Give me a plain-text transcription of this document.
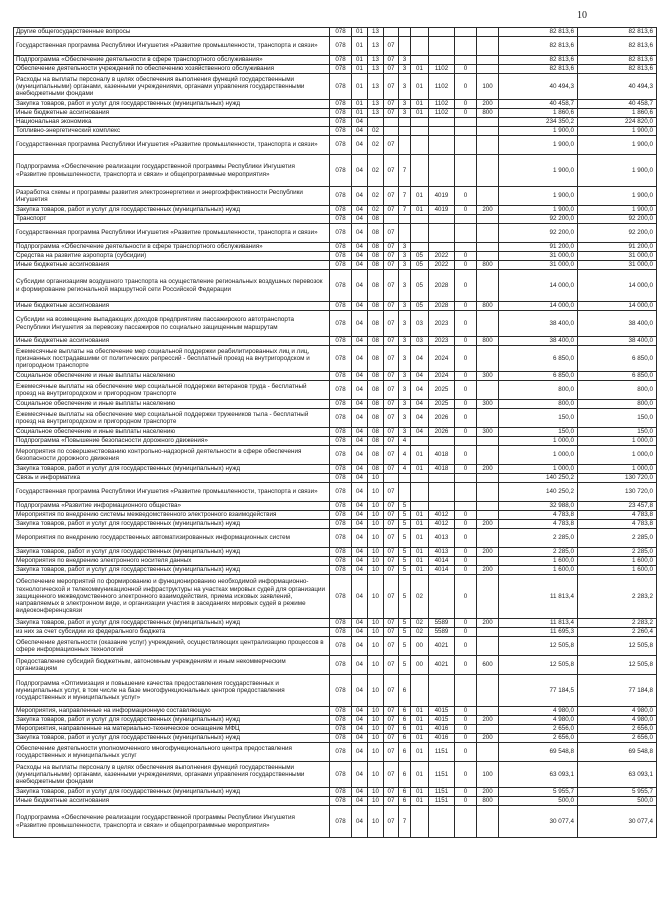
10
Другие общегосударственные вопросы	078	01	13							82 813,6	82 813,6
Государственная программа Республики Ингушетия «Развитие промышленности, транспорта и связи»	078	01	13	07						82 813,6	82 813,6
Подпрограмма «Обеспечение деятельности в сфере транспортного обслуживания»	078	01	13	07	3					82 813,6	82 813,6
Обеспечение деятельности учреждений по обеспечению хозяйственного обслуживания	078	01	13	07	3	01	1102	0		82 813,6	82 813,6
Расходы на выплаты персоналу в целях обеспечения выполнения функций государственными (муниципальными) органами, казенными учреждениями, органами управления государственными внебюджетными фондами	078	01	13	07	3	01	1102	0	100	40 494,3	40 494,3
Закупка товаров, работ и услуг для государственных (муниципальных) нужд	078	01	13	07	3	01	1102	0	200	40 458,7	40 458,7
Иные бюджетные ассигнования	078	01	13	07	3	01	1102	0	800	1 860,6	1 860,6
Национальная экономика	078	04								234 350,2	224 820,0
Топливно-энергетический комплекс	078	04	02							1 900,0	1 900,0
Государственная программа Республики Ингушетия «Развитие промышленности, транспорта и связи»	078	04	02	07						1 900,0	1 900,0
Подпрограмма «Обеспечение реализации государственной программы Республики Ингушетия «Развитие промышленности, транспорта и связи» и общепрограммные мероприятия»	078	04	02	07	7					1 900,0	1 900,0
Разработка схемы и программы развития электроэнергетики и энергоэффективности Республики Ингушетия	078	04	02	07	7	01	4019	0		1 900,0	1 900,0
Закупка товаров, работ и услуг для государственных (муниципальных) нужд	078	04	02	07	7	01	4019	0	200	1 900,0	1 900,0
Транспорт	078	04	08							92 200,0	92 200,0
Государственная программа Республики Ингушетия «Развитие промышленности, транспорта и связи»	078	04	08	07						92 200,0	92 200,0
Подпрограмма «Обеспечение деятельности в сфере транспортного обслуживания»	078	04	08	07	3					91 200,0	91 200,0
Средства на развитие аэропорта (субсидии)	078	04	08	07	3	05	2022	0		31 000,0	31 000,0
Иные бюджетные ассигнования	078	04	08	07	3	05	2022	0	800	31 000,0	31 000,0
Субсидии организациям воздушного транспорта на осуществление региональных воздушных перевозок и формирование региональной маршрутной сети Российской Федерации	078	04	08	07	3	05	2028	0		14 000,0	14 000,0
Иные бюджетные ассигнования	078	04	08	07	3	05	2028	0	800	14 000,0	14 000,0
Субсидии на возмещение выпадающих доходов предприятиям пассажирского автотранспорта Республики Ингушетия за перевозку пассажиров по социально защищенным маршрутам	078	04	08	07	3	03	2023	0		38 400,0	38 400,0
Иные бюджетные ассигнования	078	04	08	07	3	03	2023	0	800	38 400,0	38 400,0
Ежемесячные выплаты на обеспечение мер социальной поддержки реабилитированных лиц и лиц, признанных пострадавшими от политических репрессий - бесплатный проезд на внутригородском и пригородном транспорте	078	04	08	07	3	04	2024	0		6 850,0	6 850,0
Социальное обеспечение и иные выплаты населению	078	04	08	07	3	04	2024	0	300	6 850,0	6 850,0
Ежемесячные выплаты на обеспечение мер социальной поддержки ветеранов труда - бесплатный проезд на внутригородском и пригородном транспорте	078	04	08	07	3	04	2025	0		800,0	800,0
Социальное обеспечение и иные выплаты населению	078	04	08	07	3	04	2025	0	300	800,0	800,0
Ежемесячные выплаты на обеспечение мер социальной поддержки тружеников тыла - бесплатный проезд на внутригородском и пригородном транспорте	078	04	08	07	3	04	2026	0		150,0	150,0
Социальное обеспечение и иные выплаты населению	078	04	08	07	3	04	2026	0	300	150,0	150,0
Подпрограмма «Повышение безопасности дорожного движения»	078	04	08	07	4					1 000,0	1 000,0
Мероприятия по совершенствованию контрольно-надзорной деятельности в сфере обеспечения безопасности дорожного движения	078	04	08	07	4	01	4018	0		1 000,0	1 000,0
Закупка товаров, работ и услуг для государственных (муниципальных) нужд	078	04	08	07	4	01	4018	0	200	1 000,0	1 000,0
Связь и информатика	078	04	10							140 250,2	130 720,0
Государственная программа Республики Ингушетия «Развитие промышленности, транспорта и связи»	078	04	10	07						140 250,2	130 720,0
Подпрограмма «Развитие информационного общества»	078	04	10	07	5					32 988,0	23 457,8
Мероприятия по внедрению системы межведомственного электронного взаимодействия	078	04	10	07	5	01	4012	0		4 783,8	4 783,8
Закупка товаров, работ и услуг для государственных (муниципальных) нужд	078	04	10	07	5	01	4012	0	200	4 783,8	4 783,8
Мероприятия по внедрению государственных автоматизированных информационных систем	078	04	10	07	5	01	4013	0		2 285,0	2 285,0
Закупка товаров, работ и услуг для государственных (муниципальных) нужд	078	04	10	07	5	01	4013	0	200	2 285,0	2 285,0
Мероприятия по внедрению электронного носителя данных	078	04	10	07	5	01	4014	0		1 600,0	1 600,0
Закупка товаров, работ и услуг для государственных (муниципальных) нужд	078	04	10	07	5	01	4014	0	200	1 600,0	1 600,0
Обеспечение мероприятий по формированию и функционированию необходимой информационно-технологической и телекоммуникационной инфраструктуры на участках мировых судей для организации защищенного межведомственного электронного взаимодействия, приема исковых заявлений, направляемых в электронном виде, и организации участия в заседаниях мировых судей в режиме видеоконференцсвязи	078	04	10	07	5	02		0		11 813,4	2 283,2
Закупка товаров, работ и услуг для государственных (муниципальных) нужд	078	04	10	07	5	02	5589	0	200	11 813,4	2 283,2
из них за счет субсидии из федерального бюджета	078	04	10	07	5	02	5589	0		11 695,3	2 260,4
Обеспечение деятельности (оказание услуг) учреждений, осуществляющих централизацию процессов в сфере информационных технологий	078	04	10	07	5	00	4021	0		12 505,8	12 505,8
Предоставление субсидий бюджетным, автономным учреждениям и иным некоммерческим организациям	078	04	10	07	5	00	4021	0	600	12 505,8	12 505,8
Подпрограмма «Оптимизация и повышение качества предоставления государственных и муниципальных услуг, в том числе на базе многофункциональных центров предоставления государственных и муниципальных услуг»	078	04	10	07	6					77 184,5	77 184,8
Мероприятия, направленные на информационную составляющую	078	04	10	07	6	01	4015	0		4 980,0	4 980,0
Закупка товаров, работ и услуг для государственных (муниципальных) нужд	078	04	10	07	6	01	4015	0	200	4 980,0	4 980,0
Мероприятия, направленные на материально-техническое оснащение МФЦ	078	04	10	07	6	01	4016	0		2 656,0	2 656,0
Закупка товаров, работ и услуг для государственных (муниципальных) нужд	078	04	10	07	6	01	4016	0	200	2 656,0	2 656,0
Обеспечение деятельности уполномоченного многофункционального центра предоставления государственных и муниципальных услуг	078	04	10	07	6	01	1151	0		69 548,8	69 548,8
Расходы на выплаты персоналу в целях обеспечения выполнения функций государственными (муниципальными) органами, казенными учреждениями, органами управления государственными внебюджетными фондами	078	04	10	07	6	01	1151	0	100	63 093,1	63 093,1
Закупка товаров, работ и услуг для государственных (муниципальных) нужд	078	04	10	07	6	01	1151	0	200	5 955,7	5 955,7
Иные бюджетные ассигнования	078	04	10	07	6	01	1151	0	800	500,0	500,0
Подпрограмма «Обеспечение реализации государственной программы Республики Ингушетия «Развитие промышленности, транспорта и связи» и общепрограммные мероприятия»	078	04	10	07	7					30 077,4	30 077,4
